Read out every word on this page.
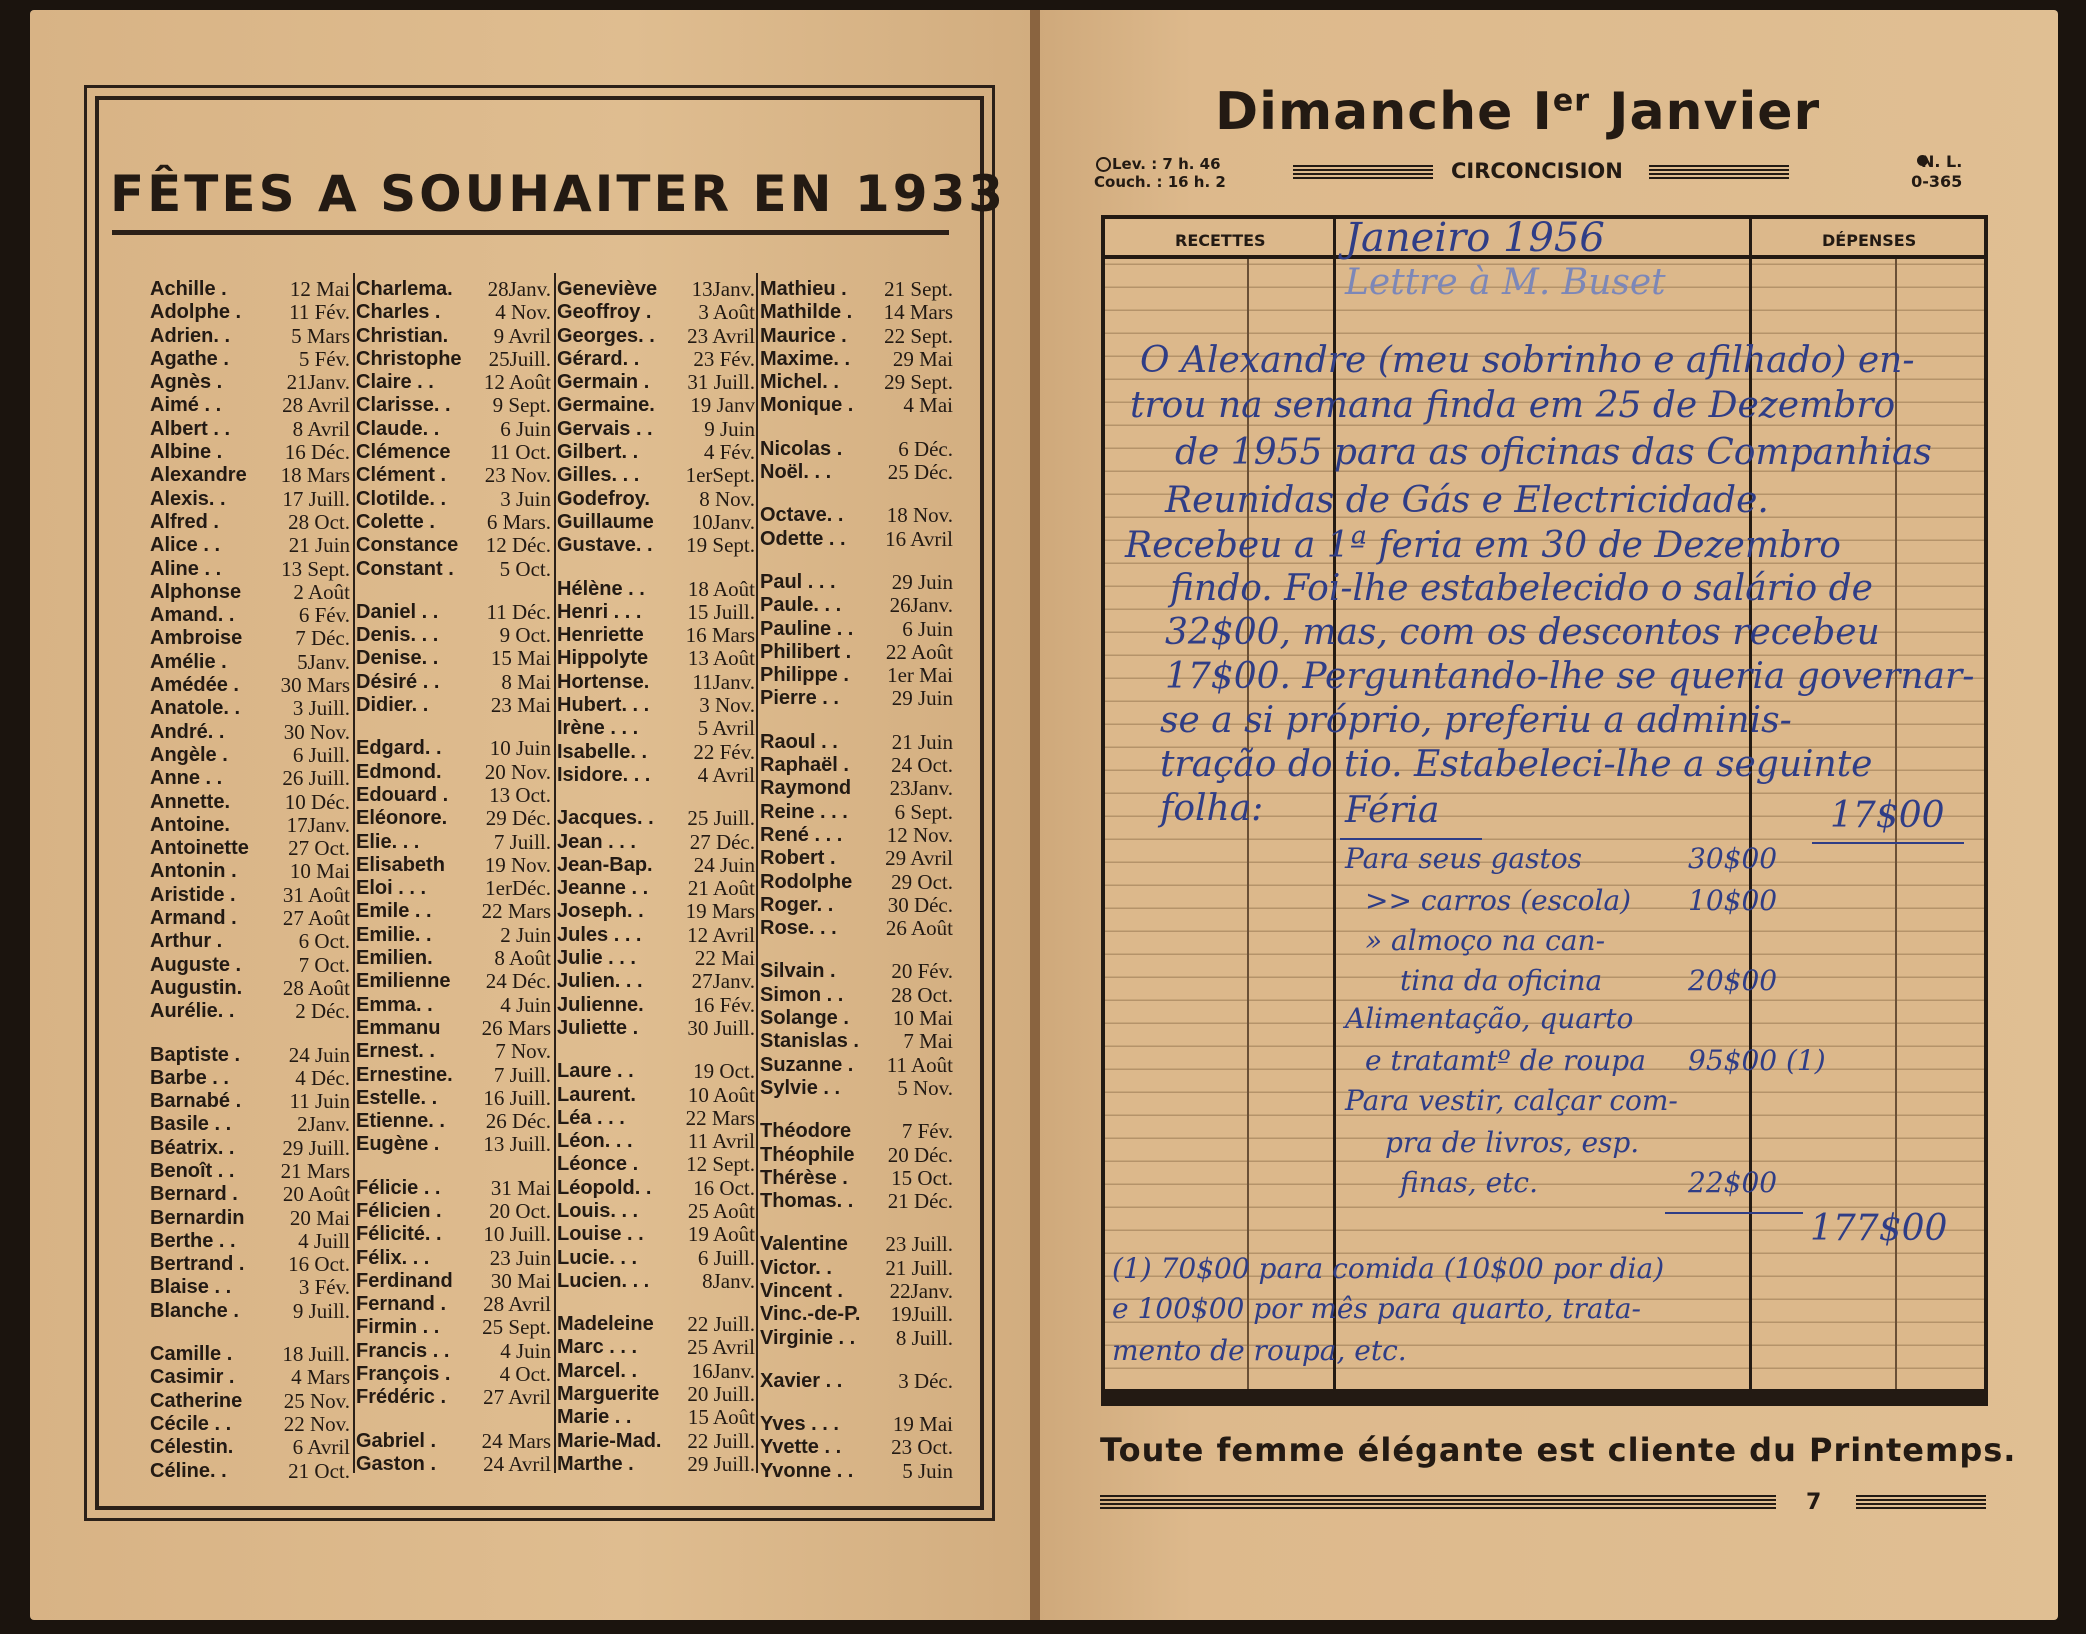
FÊTES A SOUHAITER EN 1933
Achille .	12 Mai
Adolphe . 11 Fév.
Adrien. .	5 Mars
Agathe .	5 Fév.
Agnès .	21Janv.
Aimé . .	28 Avril
Albert . .	8 Avril
Albine .	16 Déc.
Alexandre 18 Mars
Alexis. .	17 Juill.
Alfred .	28 Oct.
Alice . .	21 Juin
Aline . .	13 Sept.
Alphonse 2 Août
Amand. .	6 Fév.
Ambroise	7 Déc.
Amélie .	5Janv.
Amédée . 30 Mars
Anatole. .	3 Juill.
André. .	30 Nov.
Angèle .	6 Juill.
Anne . .	26 Juill.
Annette.	10 Déc.
Antoine.	17Janv.
Antoinette 27 Oct.
Antonin .	10 Mai
Aristide . 31 Août
Armand . 27 Août
Arthur .	6 Oct.
Auguste .	7 Oct.
Augustin. 28 Août
Aurélie. .	2 Déc.
Baptiste . 24 Juin
Barbe . .	4 Déc.
Barnabé . 11 Juin
Basile . .	2Janv.
Béatrix. . 29 Juill.
Benoît . . 21 Mars
Bernard . 20 Août
Bernardin 20 Mai
Berthe . .	4 Juill
Bertrand . 16 Oct.
Blaise . .	3 Fév.
Blanche .	9 Juill.
Camille . 18 Juill.
Casimir .	4 Mars
Catherine 25 Nov.
Cécile . .	22 Nov.
Célestin.	6 Avril
Céline. .	21 Oct.
Charlema. 28Janv.
Charles .	4 Nov.
Christian. 9 Avril
Christophe 25Juill.
Claire . . 12 Août
Clarisse. . 9 Sept.
Claude. .	6 Juin
Clémence 11 Oct.
Clément . 23 Nov.
Clotilde. .	3 Juin
Colette . 6 Mars.
Constance 12 Déc.
Constant . 5 Oct.
Daniel . . 11 Déc.
Denis. . .	9 Oct.
Denise. .	15 Mai
Désiré . .	8 Mai
Didier. .	23 Mai
Edgard. . 10 Juin
Edmond. 20 Nov.
Edouard . 13 Oct.
Eléonore. 29 Déc.
Elie. . .	7 Juill.
Elisabeth 19 Nov.
Eloi . . .	1erDéc.
Emile . . 22 Mars
Emilie. .	2 Juin
Emilien.	8 Août
Emilienne 24 Déc.
Emma. .	4 Juin
Emmanu 26 Mars
Ernest. .	7 Nov.
Ernestine. 7 Juill.
Estelle. . 16 Juill.
Etienne. . 26 Déc.
Eugène . 13 Juill.
Félicie . . 31 Mai
Félicien . 20 Oct.
Félicité. . 10 Juill.
Félix. . .	23 Juin
Ferdinand 30 Mai
Fernand . 28 Avril
Firmin . . 25 Sept.
Francis . . 4 Juin
François . 4 Oct.
Frédéric . 27 Avril
Gabriel . 24 Mars
Gaston . 24 Avril
Geneviève 13Janv.
Geoffroy . 3 Août
Georges. . 23 Avril
Gérard. .	23 Fév.
Germain . 31 Juill.
Germaine. 19 Janv
Gervais . . 9 Juin
Gilbert. .	4 Fév.
Gilles. . . 1erSept.
Godefroy. 8 Nov.
Guillaume 10Janv.
Gustave. . 19 Sept.
Hélène . . 18 Août
Henri . . . 15 Juill.
Henriette 16 Mars
Hippolyte 13 Août
Hortense. 11Janv.
Hubert. . . 3 Nov.
Irène . . .	5 Avril
Isabelle. . 22 Fév.
Isidore. . . 4 Avril
Jacques. . 25 Juill.
Jean . . .	27 Déc.
Jean-Bap. 24 Juin
Jeanne . . 21 Août
Joseph. . 19 Mars
Jules . . . 12 Avril
Julie . . .	22 Mai
Julien. . . 27Janv.
Julienne. 16 Fév.
Juliette . 30 Juill.
Laure . .	19 Oct.
Laurent. 10 Août
Léa . . .	22 Mars
Léon. . .	11 Avril
Léonce . 12 Sept.
Léopold. . 16 Oct.
Louis. . . 25 Août
Louise . . 19 Août
Lucie. . .	6 Juill.
Lucien. . .	8Janv.
Madeleine 22 Juill.
Marc . . . 25 Avril
Marcel. .	16Janv.
Marguerite 20 Juill.
Marie . .	15 Août
Marie-Mad. 22 Juill.
Marthe .	29 Juill.
Mathieu . 21 Sept.
Mathilde . 14 Mars
Maurice . 22 Sept.
Maxime. . 29 Mai
Michel. . 29 Sept.
Monique . 4 Mai
Nicolas .	6 Déc.
Noël. . .	25 Déc.
Octave. . 18 Nov.
Odette . . 16 Avril
Paul . . .	29 Juin
Paule. . . 26Janv.
Pauline . . 6 Juin
Philibert . 22 Août
Philippe . 1er Mai
Pierre . .	29 Juin
Raoul . .	21 Juin
Raphaël . 24 Oct.
Raymond 23Janv.
Reine . . . 6 Sept.
René . . . 12 Nov.
Robert . 29 Avril
Rodolphe 29 Oct.
Roger. .	30 Déc.
Rose. . . 26 Août
Silvain .	20 Fév.
Simon . . 28 Oct.
Solange . 10 Mai
Stanislas . 7 Mai
Suzanne . 11 Août
Sylvie . .	5 Nov.
Théodore 7 Fév.
Théophile 20 Déc.
Thérèse . 15 Oct.
Thomas. . 21 Déc.
Valentine 23 Juill.
Victor. .	21 Juill.
Vincent . 22Janv.
Vinc.-de-P. 19Juill.
Virginie . . 8 Juill.
Xavier . .	3 Déc.
Yves . . .	19 Mai
Yvette . . 23 Oct.
Yvonne . . 5 Juin
Dimanche Ier Janvier
Lev. : 7 h. 46
Couch. : 16 h. 2	CIRCONCISION	N. L.
0-365
RECETTES	DÉPENSES
Janeiro 1956
Lettre à M. Buset
O Alexandre (meu sobrinho e afilhado) en-
trou na semana finda em 25 de Dezembro
de 1955 para as oficinas das Companhias
Reunidas de Gás e Electricidade.
Recebeu a 1ª feria em 30 de Dezembro
findo. Foi-lhe estabelecido o salário de
32$00, mas, com os descontos recebeu
17$00. Perguntando-lhe se queria governar-
se a si próprio, preferiu a adminis-
tração do tio. Estabeleci-lhe a seguinte
folha: Féria	17$00
Para seus gastos	30$00
>> carros (escola) 10$00
» almoço na can-
tina da oficina	20$00
Alimentação, quarto
e tratamtº de roupa 95$00 (1)
Para vestir, calçar com-
pra de livros, esp.
finas, etc.	22$00
177$00
(1) 70$00 para comida (10$00 por dia)
e 100$00 por mês para quarto, trata-
mento de roupa, etc.
Toute femme élégante est cliente du Printemps.
7
